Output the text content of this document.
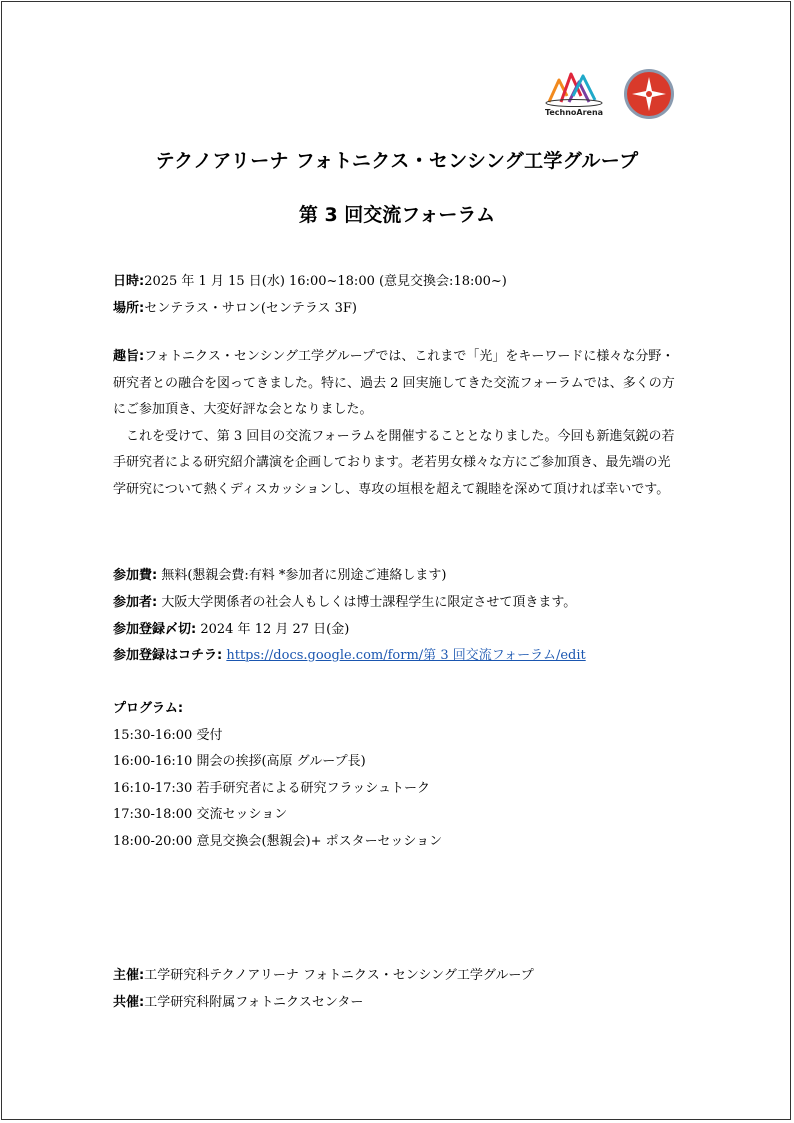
TechnoArena
テクノアリーナ フォトニクス・センシング工学グループ
第 3 回交流フォーラム
日時:2025 年 1 月 15 日(水) 16:00~18:00 (意見交換会:18:00~)
場所:センテラス・サロン(センテラス 3F)

趣旨:フォトニクス・センシング工学グループでは、これまで「光」をキーワードに様々な分野・研究者との融合を図ってきました。特に、過去 2 回実施してきた交流フォーラムでは、多くの方にご参加頂き、大変好評な会となりました。

これを受けて、第 3 回目の交流フォーラムを開催することとなりました。今回も新進気鋭の若手研究者による研究紹介講演を企画しております。老若男女様々な方にご参加頂き、最先端の光学研究について熱くディスカッションし、専攻の垣根を超えて親睦を深めて頂ければ幸いです。

参加費: 無料(懇親会費:有料 *参加者に別途ご連絡します)
参加者: 大阪大学関係者の社会人もしくは博士課程学生に限定させて頂きます。
参加登録〆切: 2024 年 12 月 27 日(金)
参加登録はコチラ: https://docs.google.com/form/第 3 回交流フォーラム/edit
プログラム:
15:30-16:00 受付
16:00-16:10 開会の挨拶(高原 グループ長)
16:10-17:30 若手研究者による研究フラッシュトーク
17:30-18:00 交流セッション
18:00-20:00 意見交換会(懇親会)+ ポスターセッション
主催:工学研究科テクノアリーナ フォトニクス・センシング工学グループ
共催:工学研究科附属フォトニクスセンター
